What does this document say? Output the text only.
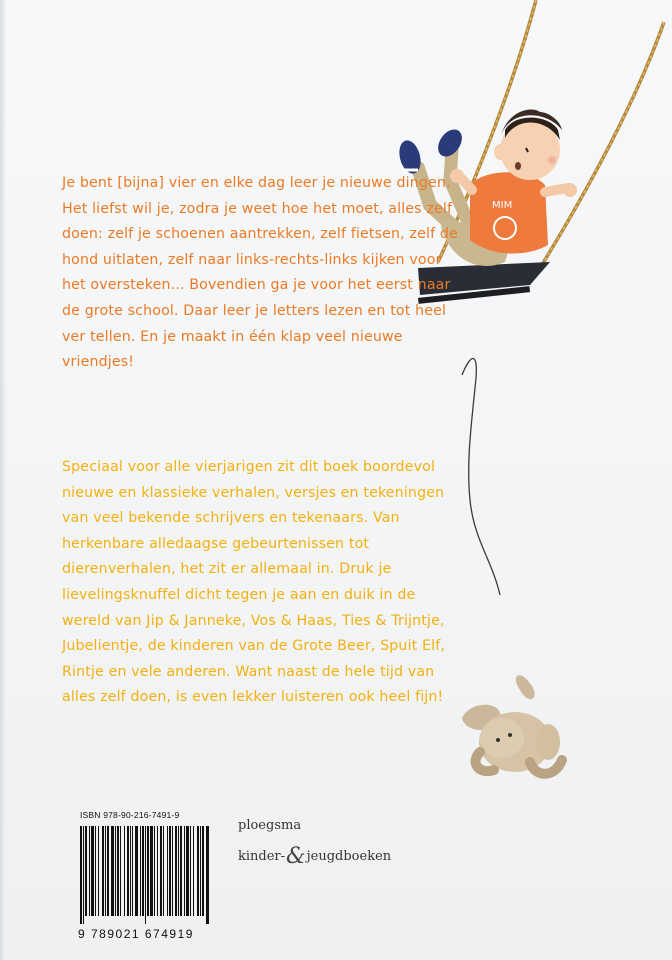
MIM

Je bent [bijna] vier en elke dag leer je nieuwe dingen. Het liefst wil je, zodra je weet hoe het moet, alles zelf doen: zelf je schoenen aantrekken, zelf fietsen, zelf de hond uitlaten, zelf naar links-rechts-links kijken voor het oversteken... Bovendien ga je voor het eerst naar de grote school. Daar leer je letters lezen en tot heel ver tellen. En je maakt in één klap veel nieuwe vriendjes!

Speciaal voor alle vierjarigen zit dit boek boordevol nieuwe en klassieke verhalen, versjes en tekeningen van veel bekende schrijvers en tekenaars. Van herkenbare alledaagse gebeurtenissen tot dierenverhalen, het zit er allemaal in. Druk je lievelingsknuffel dicht tegen je aan en duik in de wereld van Jip & Janneke, Vos & Haas, Ties & Trijntje, Jubelientje, de kinderen van de Grote Beer, Spuit Elf, Rintje en vele anderen. Want naast de hele tijd van alles zelf doen, is even lekker luisteren ook heel fijn!

ISBN 978-90-216-7491-9
9 789021 674919
ploegsma
kinder-&jeugdboeken
